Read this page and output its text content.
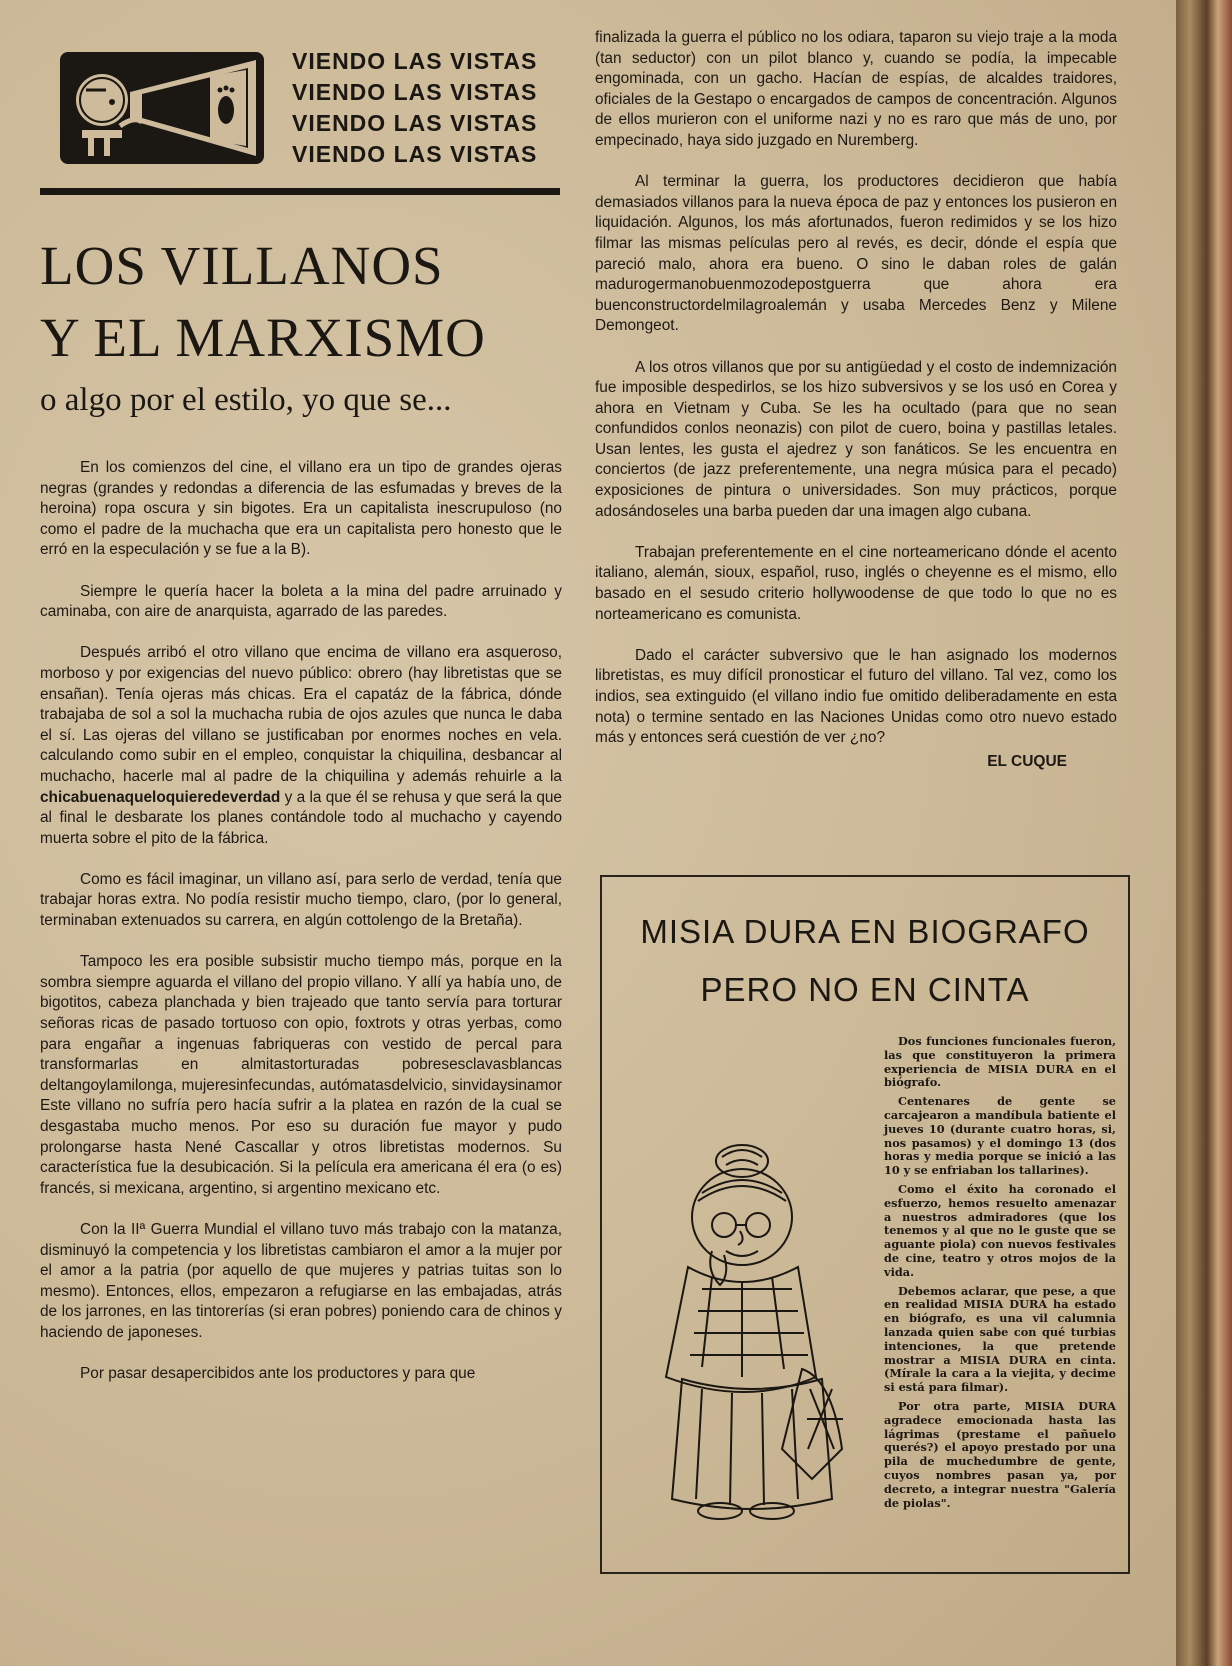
VIENDO LAS VISTAS
VIENDO LAS VISTAS
VIENDO LAS VISTAS
VIENDO LAS VISTAS
LOS VILLANOS
Y EL MARXISMO
o algo por el estilo, yo que se...

En los comienzos del cine, el villano era un tipo de grandes ojeras negras (grandes y redondas a diferencia de las esfumadas y breves de la heroina) ropa oscura y sin bigotes. Era un capitalista inescrupuloso (no como el padre de la muchacha que era un capitalista pero honesto que le erró en la especulación y se fue a la B).

Siempre le quería hacer la boleta a la mina del padre arruinado y caminaba, con aire de anarquista, agarrado de las paredes.

Después arribó el otro villano que encima de villano era asqueroso, morboso y por exigencias del nuevo público: obrero (hay libretistas que se ensañan). Tenía ojeras más chicas. Era el capatáz de la fábrica, dónde trabajaba de sol a sol la muchacha rubia de ojos azules que nunca le daba el sí. Las ojeras del villano se justificaban por enormes noches en vela. calculando como subir en el empleo, conquistar la chiquilina, desbancar al muchacho, hacerle mal al padre de la chiquilina y además rehuirle a la chicabuenaqueloquieredeverdad y a la que él se rehusa y que será la que al final le desbarate los planes contándole todo al muchacho y cayendo muerta sobre el pito de la fábrica.

Como es fácil imaginar, un villano así, para serlo de verdad, tenía que trabajar horas extra. No podía resistir mucho tiempo, claro, (por lo general, terminaban extenuados su carrera, en algún cottolengo de la Bretaña).

Tampoco les era posible subsistir mucho tiempo más, porque en la sombra siempre aguarda el villano del propio villano. Y allí ya había uno, de bigotitos, cabeza planchada y bien trajeado que tanto servía para torturar señoras ricas de pasado tortuoso con opio, foxtrots y otras yerbas, como para engañar a ingenuas fabriqueras con vestido de percal para transformarlas en almitastorturadas pobresesclavasblancas deltangoylamilonga, mujeresinfecundas, autómatasdelvicio, sinvidaysinamor Este villano no sufría pero hacía sufrir a la platea en razón de la cual se desgastaba mucho menos. Por eso su duración fue mayor y pudo prolongarse hasta Nené Cascallar y otros libretistas modernos. Su característica fue la desubicación. Si la película era americana él era (o es) francés, si mexicana, argentino, si argentino mexicano etc.

Con la IIª Guerra Mundial el villano tuvo más trabajo con la matanza, disminuyó la competencia y los libretistas cambiaron el amor a la mujer por el amor a la patria (por aquello de que mujeres y patrias tuitas son lo mesmo). Entonces, ellos, empezaron a refugiarse en las embajadas, atrás de los jarrones, en las tintorerías (si eran pobres) poniendo cara de chinos y haciendo de japoneses.

Por pasar desapercibidos ante los productores y para que

finalizada la guerra el público no los odiara, taparon su viejo traje a la moda (tan seductor) con un pilot blanco y, cuando se podía, la impecable engominada, con un gacho. Hacían de espías, de alcaldes traidores, oficiales de la Gestapo o encargados de campos de concentración. Algunos de ellos murieron con el uniforme nazi y no es raro que más de uno, por empecinado, haya sido juzgado en Nuremberg.

Al terminar la guerra, los productores decidieron que había demasiados villanos para la nueva época de paz y entonces los pusieron en liquidación. Algunos, los más afortunados, fueron redimidos y se los hizo filmar las mismas películas pero al revés, es decir, dónde el espía que pareció malo, ahora era bueno. O sino le daban roles de galán madurogermanobuenmozodepostguerra que ahora era buenconstructordelmilagroalemán y usaba Mercedes Benz y Milene Demongeot.

A los otros villanos que por su antigüedad y el costo de indemnización fue imposible despedirlos, se los hizo subversivos y se los usó en Corea y ahora en Vietnam y Cuba. Se les ha ocultado (para que no sean confundidos conlos neonazis) con pilot de cuero, boina y pastillas letales. Usan lentes, les gusta el ajedrez y son fanáticos. Se les encuentra en conciertos (de jazz preferentemente, una negra música para el pecado) exposiciones de pintura o universidades. Son muy prácticos, porque adosándoseles una barba pueden dar una imagen algo cubana.

Trabajan preferentemente en el cine norteamericano dónde el acento italiano, alemán, sioux, español, ruso, inglés o cheyenne es el mismo, ello basado en el sesudo criterio hollywoodense de que todo lo que no es norteamericano es comunista.

Dado el carácter subversivo que le han asignado los modernos libretistas, es muy difícil pronosticar el futuro del villano. Tal vez, como los indios, sea extinguido (el villano indio fue omitido deliberadamente en esta nota) o termine sentado en las Naciones Unidas como otro nuevo estado más y entonces será cuestión de ver ¿no?

EL CUQUE
MISIA DURA EN BIOGRAFO
PERO NO EN CINTA

Dos funciones funcionales fueron, las que constituyeron la primera experiencia de MISIA DURA en el biógrafo.

Centenares de gente se carcajearon a mandíbula batiente el jueves 10 (durante cuatro horas, si, nos pasamos) y el domingo 13 (dos horas y media porque se inició a las 10 y se enfriaban los tallarines).

Como el éxito ha coronado el esfuerzo, hemos resuelto amenazar a nuestros admiradores (que los tenemos y al que no le guste que se aguante piola) con nuevos festivales de cine, teatro y otros mojos de la vida.

Debemos aclarar, que pese, a que en realidad MISIA DURA ha estado en biógrafo, es una vil calumnia lanzada quien sabe con qué turbias intenciones, la que pretende mostrar a MISIA DURA en cinta. (Mírale la cara a la viejita, y decime si está para filmar).

Por otra parte, MISIA DURA agradece emocionada hasta las lágrimas (prestame el pañuelo querés?) el apoyo prestado por una pila de muchedumbre de gente, cuyos nombres pasan ya, por decreto, a integrar nuestra "Galería de piolas".
